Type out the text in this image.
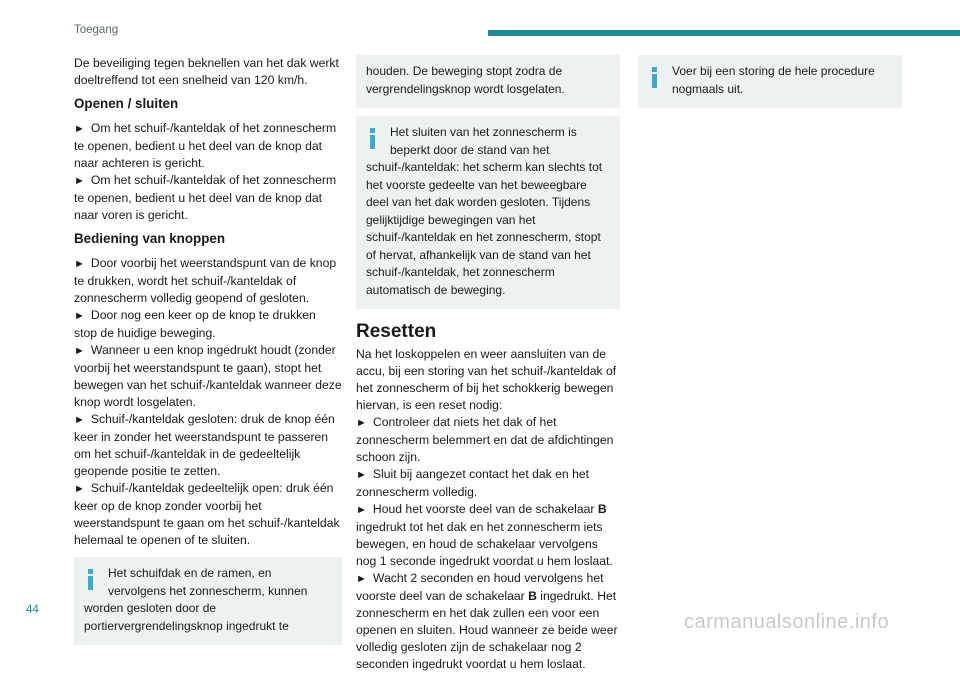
Toegang

De beveiliging tegen beknellen van het dak werkt doeltreffend tot een snelheid van 120 km/h.

Openen / sluiten

► Om het schuif-/kanteldak of het zonnescherm te openen, bedient u het deel van de knop dat naar achteren is gericht.
► Om het schuif-/kanteldak of het zonnescherm te openen, bedient u het deel van de knop dat naar voren is gericht.

Bediening van knoppen

► Door voorbij het weerstandspunt van de knop te drukken, wordt het schuif-/kanteldak of zonnescherm volledig geopend of gesloten.
► Door nog een keer op de knop te drukken stop de huidige beweging.
► Wanneer u een knop ingedrukt houdt (zonder voorbij het weerstandspunt te gaan), stopt het bewegen van het schuif-/kanteldak wanneer deze knop wordt losgelaten.
► Schuif-/kanteldak gesloten: druk de knop één keer in zonder het weerstandspunt te passeren om het schuif-/kanteldak in de gedeeltelijk geopende positie te zetten.
► Schuif-/kanteldak gedeeltelijk open: druk één keer op de knop zonder voorbij het weerstandspunt te gaan om het schuif-/kanteldak helemaal te openen of te sluiten.

Het schuifdak en de ramen, en vervolgens het zonnescherm, kunnen worden gesloten door de portiervergrendelingsknop ingedrukt te
houden. De beweging stopt zodra de vergrendelingsknop wordt losgelaten.
Het sluiten van het zonnescherm is beperkt door de stand van het schuif-/kanteldak: het scherm kan slechts tot het voorste gedeelte van het beweegbare deel van het dak worden gesloten. Tijdens gelijktijdige bewegingen van het schuif-/kanteldak en het zonnescherm, stopt of hervat, afhankelijk van de stand van het schuif-/kanteldak, het zonnescherm automatisch de beweging.
Resetten

Na het loskoppelen en weer aansluiten van de accu, bij een storing van het schuif-/kanteldak of het zonnescherm of bij het schokkerig bewegen hiervan, is een reset nodig:

► Controleer dat niets het dak of het zonnescherm belemmert en dat de afdichtingen schoon zijn.
► Sluit bij aangezet contact het dak en het zonnescherm volledig.
► Houd het voorste deel van de schakelaar B ingedrukt tot het dak en het zonnescherm iets bewegen, en houd de schakelaar vervolgens nog 1 seconde ingedrukt voordat u hem loslaat.
► Wacht 2 seconden en houd vervolgens het voorste deel van de schakelaar B ingedrukt. Het zonnescherm en het dak zullen een voor een openen en sluiten. Houd wanneer ze beide weer volledig gesloten zijn de schakelaar nog 2 seconden ingedrukt voordat u hem loslaat.

Voer bij een storing de hele procedure nogmaals uit.
44
carmanualsonline.info
